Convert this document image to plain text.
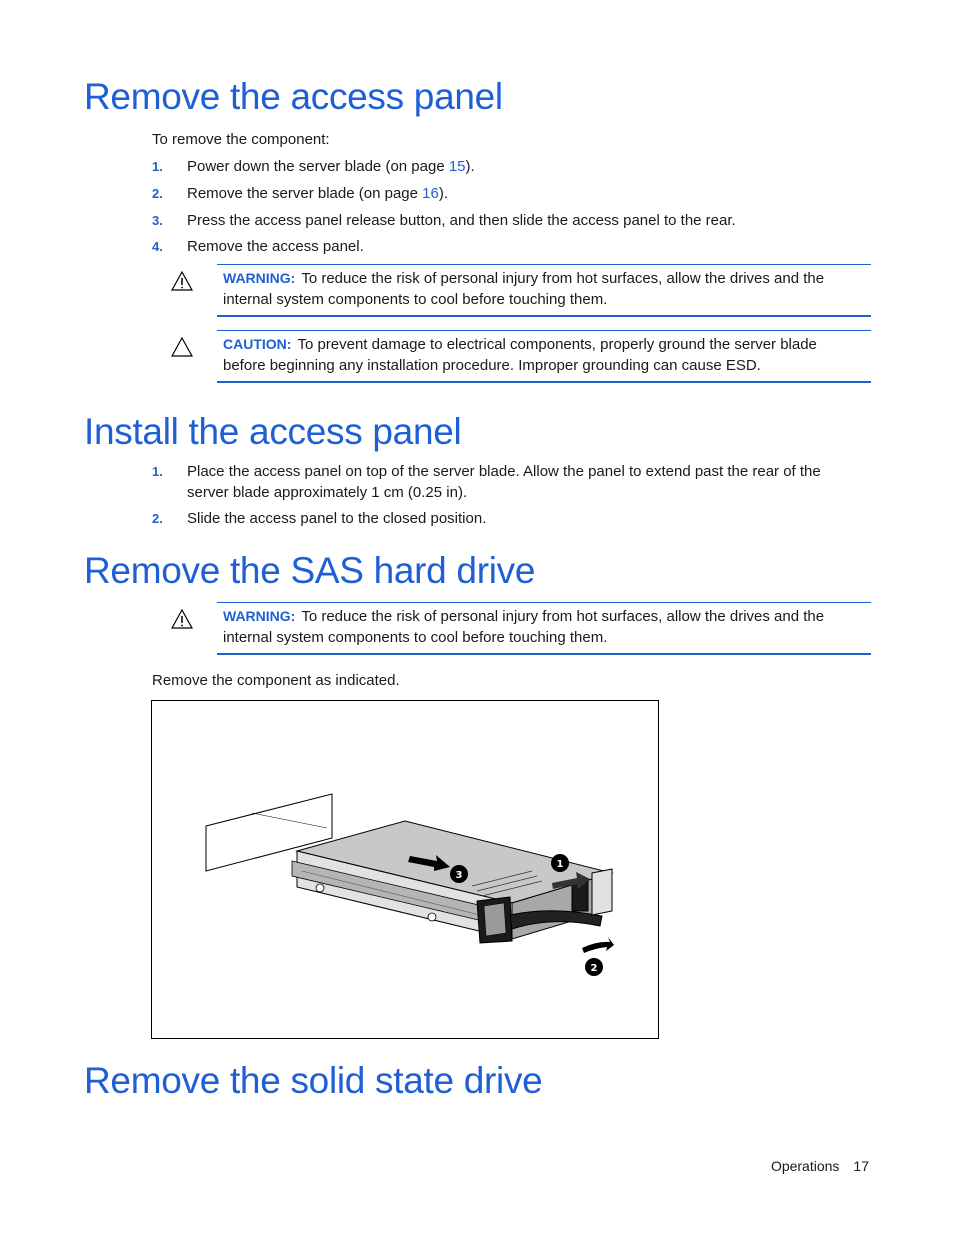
Remove the access panel
To remove the component:
1. Power down the server blade (on page 15).
2. Remove the server blade (on page 16).
3. Press the access panel release button, and then slide the access panel to the rear.
4. Remove the access panel.
WARNING: To reduce the risk of personal injury from hot surfaces, allow the drives and the internal system components to cool before touching them.
CAUTION: To prevent damage to electrical components, properly ground the server blade before beginning any installation procedure. Improper grounding can cause ESD.
Install the access panel
1. Place the access panel on top of the server blade. Allow the panel to extend past the rear of the server blade approximately 1 cm (0.25 in).
2. Slide the access panel to the closed position.
Remove the SAS hard drive
WARNING: To reduce the risk of personal injury from hot surfaces, allow the drives and the internal system components to cool before touching them.
Remove the component as indicated.
3
1
2
Remove the solid state drive
Operations 17
